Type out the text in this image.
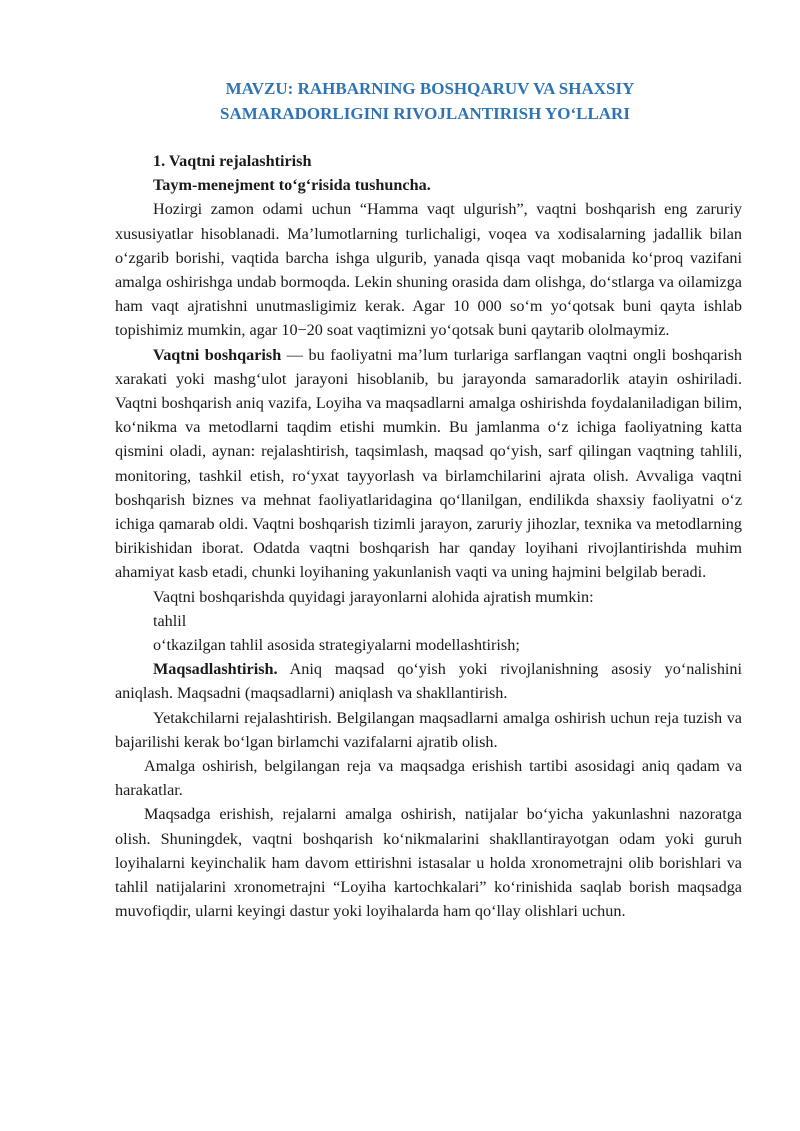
MAVZU: RAHBARNING BOSHQARUV VA SHAXSIY
SAMARADORLIGINI RIVOJLANTIRISH YO‘LLARI

1. Vaqtni rejalashtirish

Taym-menejment to‘g‘risida tushuncha.

Hozirgi zamon odami uchun “Hamma vaqt ulgurish”, vaqtni boshqarish eng zaruriy xususiyatlar hisoblanadi. Ma’lumotlarning turlichaligi, voqea va xodisalarning jadallik bilan o‘zgarib borishi, vaqtida barcha ishga ulgurib, yanada qisqa vaqt mobanida ko‘proq vazifani amalga oshirishga undab bormoqda. Lekin shuning orasida dam olishga, do‘stlarga va oilamizga ham vaqt ajratishni unutmasligimiz kerak. Agar 10 000 so‘m yo‘qotsak buni qayta ishlab topishimiz mumkin, agar 10−20 soat vaqtimizni yo‘qotsak buni qaytarib ololmaymiz.

Vaqtni boshqarish — bu faoliyatni ma’lum turlariga sarflangan vaqtni ongli boshqarish xarakati yoki mashg‘ulot jarayoni hisoblanib, bu jarayonda samaradorlik atayin oshiriladi. Vaqtni boshqarish aniq vazifa, Loyiha va maqsadlarni amalga oshirishda foydalaniladigan bilim, ko‘nikma va metodlarni taqdim etishi mumkin. Bu jamlanma o‘z ichiga faoliyatning katta qismini oladi, aynan: rejalashtirish, taqsimlash, maqsad qo‘yish, sarf qilingan vaqtning tahlili, monitoring, tashkil etish, ro‘yxat tayyorlash va birlamchilarini ajrata olish. Avvaliga vaqtni boshqarish biznes va mehnat faoliyatlaridagina qo‘llanilgan, endilikda shaxsiy faoliyatni o‘z ichiga qamarab oldi. Vaqtni boshqarish tizimli jarayon, zaruriy jihozlar, texnika va metodlarning birikishidan iborat. Odatda vaqtni boshqarish har qanday loyihani rivojlantirishda muhim ahamiyat kasb etadi, chunki loyihaning yakunlanish vaqti va uning hajmini belgilab beradi.

Vaqtni boshqarishda quyidagi jarayonlarni alohida ajratish mumkin:

tahlil

o‘tkazilgan tahlil asosida strategiyalarni modellashtirish;

Maqsadlashtirish. Aniq maqsad qo‘yish yoki rivojlanishning asosiy yo‘nalishini aniqlash. Maqsadni (maqsadlarni) aniqlash va shakllantirish.

Yetakchilarni rejalashtirish. Belgilangan maqsadlarni amalga oshirish uchun reja tuzish va bajarilishi kerak bo‘lgan birlamchi vazifalarni ajratib olish.

Amalga oshirish, belgilangan reja va maqsadga erishish tartibi asosidagi aniq qadam va harakatlar.

Maqsadga erishish, rejalarni amalga oshirish, natijalar bo‘yicha yakunlashni nazoratga olish. Shuningdek, vaqtni boshqarish ko‘nikmalarini shakllantirayotgan odam yoki guruh loyihalarni keyinchalik ham davom ettirishni istasalar u holda xronometrajni olib borishlari va tahlil natijalarini xronometrajni “Loyiha kartochkalari” ko‘rinishida saqlab borish maqsadga muvofiqdir, ularni keyingi dastur yoki loyihalarda ham qo‘llay olishlari uchun.
